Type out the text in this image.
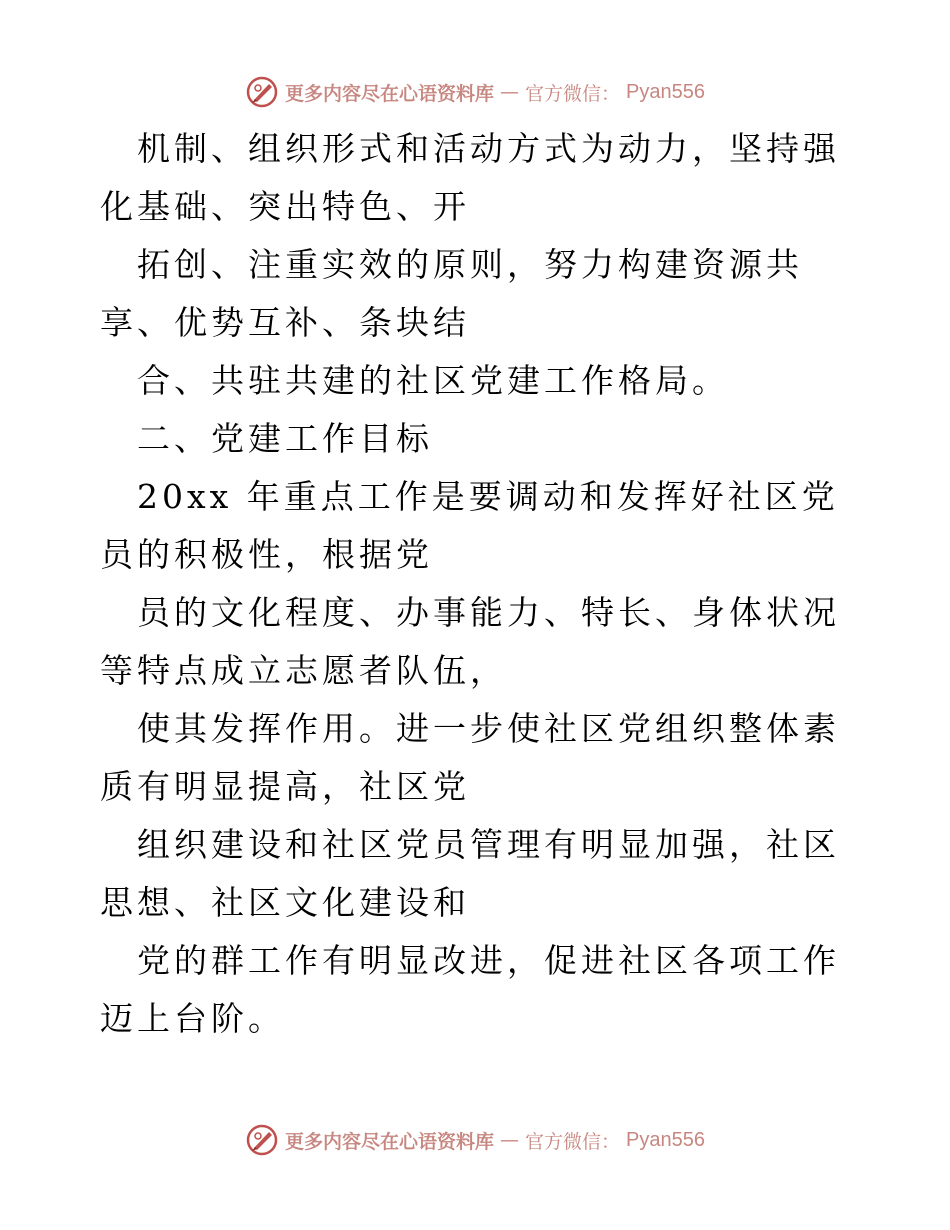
更多内容尽在心语资料库 — 官方微信： Pyan556

机制、组织形式和活动方式为动力，坚持强化基础、突出特色、开

拓创、注重实效的原则，努力构建资源共享、优势互补、条块结

合、共驻共建的社区党建工作格局。

二、党建工作目标

20xx 年重点工作是要调动和发挥好社区党员的积极性，根据党

员的文化程度、办事能力、特长、身体状况等特点成立志愿者队伍，

使其发挥作用。进一步使社区党组织整体素质有明显提高，社区党

组织建设和社区党员管理有明显加强，社区思想、社区文化建设和

党的群工作有明显改进，促进社区各项工作迈上台阶。

更多内容尽在心语资料库 — 官方微信： Pyan556
